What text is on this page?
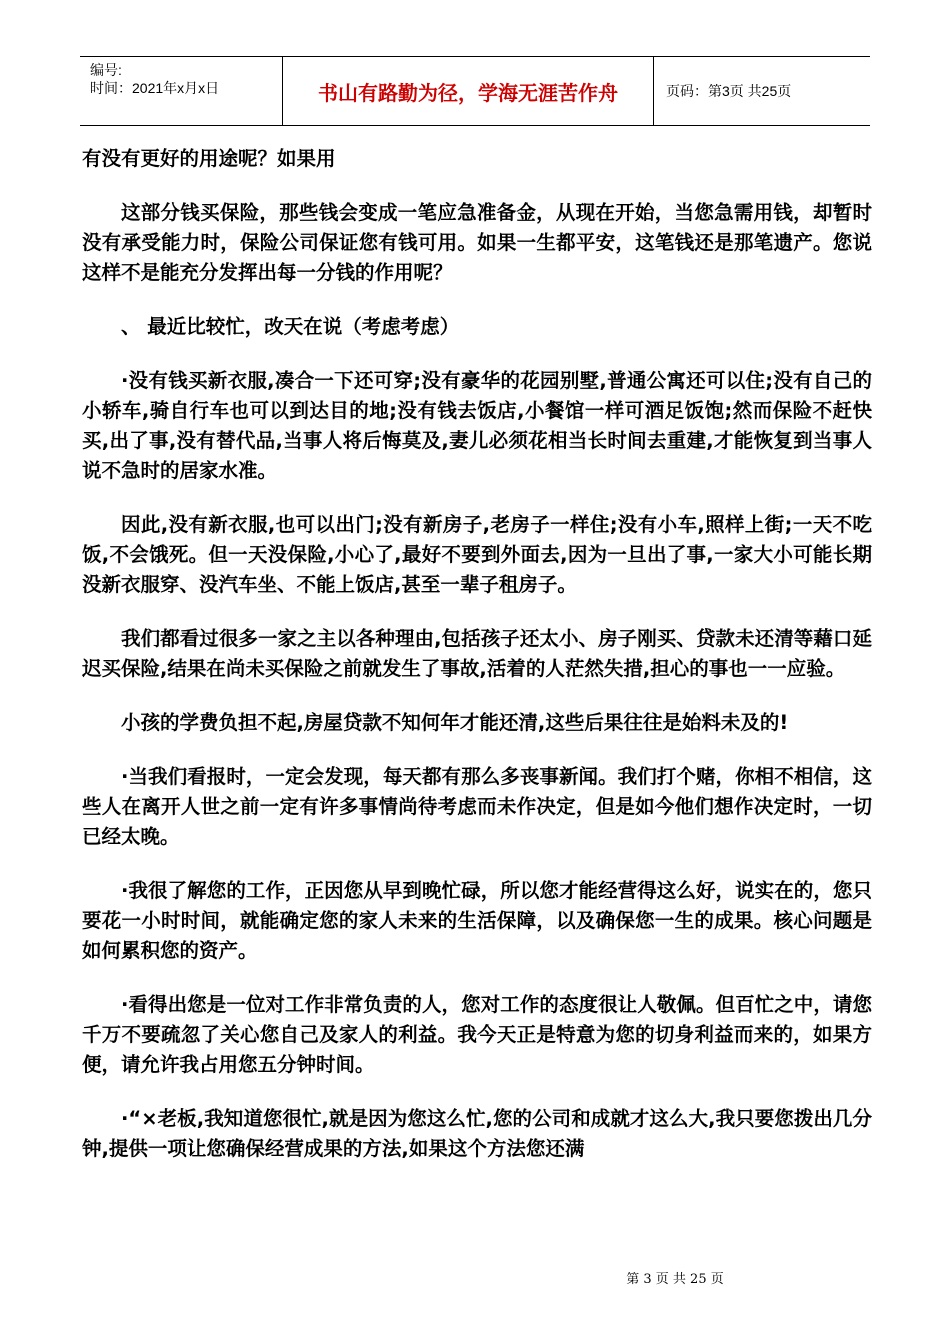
编号:
时间：2021年x月x日	书山有路勤为径，学海无涯苦作舟	页码：第3页 共25页

有没有更好的用途呢？如果用

这部分钱买保险，那些钱会变成一笔应急准备金，从现在开始，当您急需用钱，却暂时没有承受能力时，保险公司保证您有钱可用。如果一生都平安，这笔钱还是那笔遗产。您说这样不是能充分发挥出每一分钱的作用呢？

、 最近比较忙，改天在说（考虑考虑）

·没有钱买新衣服,凑合一下还可穿;没有豪华的花园别墅,普通公寓还可以住;没有自己的小轿车,骑自行车也可以到达目的地;没有钱去饭店,小餐馆一样可酒足饭饱;然而保险不赶快买,出了事,没有替代品,当事人将后悔莫及,妻儿必须花相当长时间去重建,才能恢复到当事人说不急时的居家水准。

因此,没有新衣服,也可以出门;没有新房子,老房子一样住;没有小车,照样上街;一天不吃饭,不会饿死。但一天没保险,小心了,最好不要到外面去,因为一旦出了事,一家大小可能长期没新衣服穿、没汽车坐、不能上饭店,甚至一辈子租房子。

我们都看过很多一家之主以各种理由,包括孩子还太小、房子刚买、贷款未还清等藉口延迟买保险,结果在尚未买保险之前就发生了事故,活着的人茫然失措,担心的事也一一应验。

小孩的学费负担不起,房屋贷款不知何年才能还清,这些后果往往是始料未及的!

·当我们看报时，一定会发现，每天都有那么多丧事新闻。我们打个赌，你相不相信，这些人在离开人世之前一定有许多事情尚待考虑而未作决定，但是如今他们想作决定时，一切已经太晚。

·我很了解您的工作，正因您从早到晚忙碌，所以您才能经营得这么好，说实在的，您只要花一小时时间，就能确定您的家人未来的生活保障，以及确保您一生的成果。核心问题是如何累积您的资产。

·看得出您是一位对工作非常负责的人，您对工作的态度很让人敬佩。但百忙之中，请您千万不要疏忽了关心您自己及家人的利益。我今天正是特意为您的切身利益而来的，如果方便，请允许我占用您五分钟时间。

·“×老板,我知道您很忙,就是因为您这么忙,您的公司和成就才这么大,我只要您拨出几分钟,提供一项让您确保经营成果的方法,如果这个方法您还满

第 3 页 共 25 页
